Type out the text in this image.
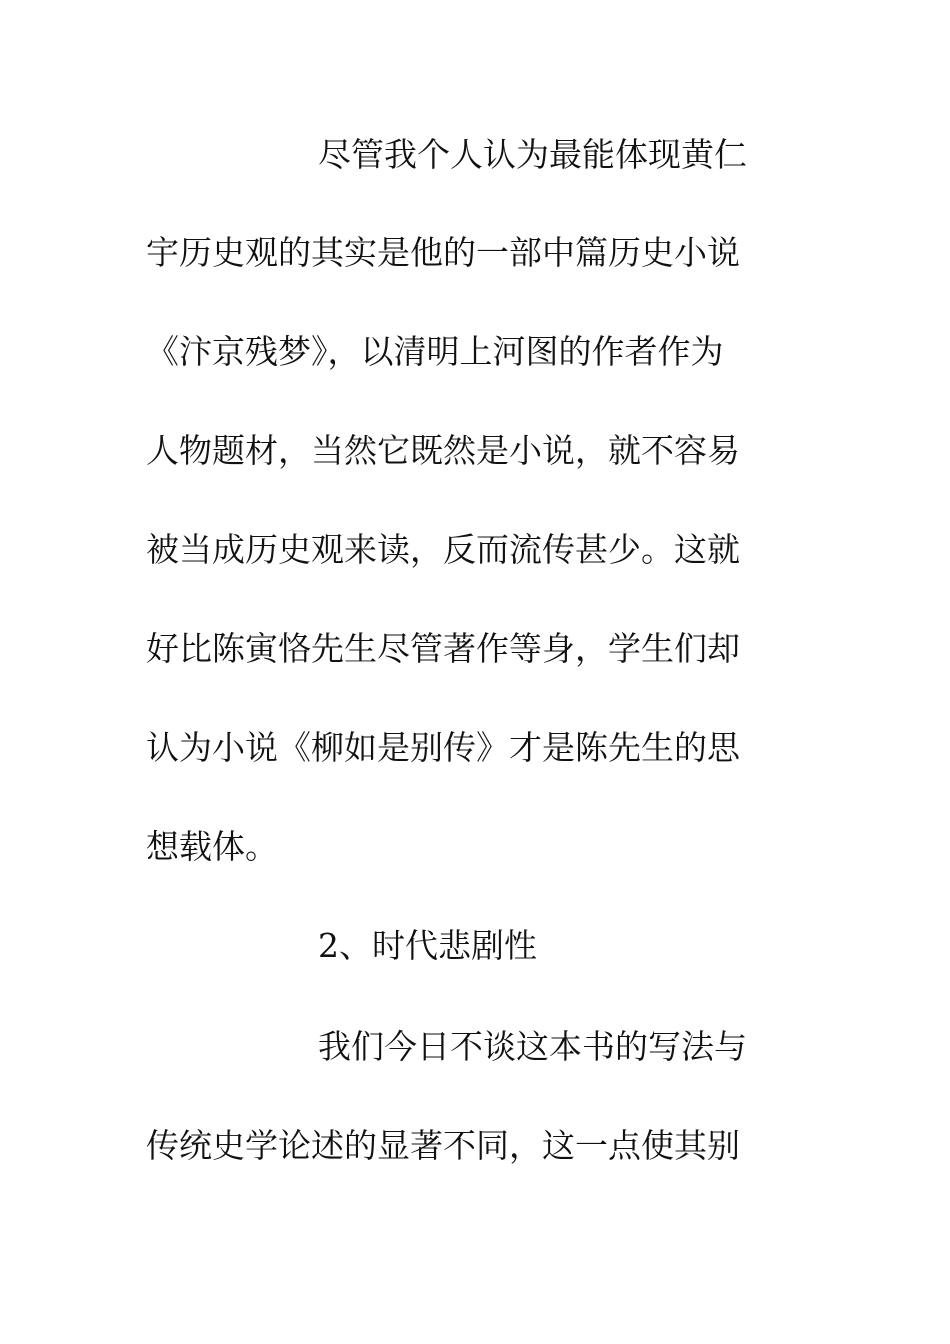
尽管我个人认为最能体现黄仁
宇历史观的其实是他的一部中篇历史小说
《汴京残梦》，以清明上河图的作者作为
人物题材，当然它既然是小说，就不容易
被当成历史观来读，反而流传甚少。这就
好比陈寅恪先生尽管著作等身，学生们却
认为小说《柳如是别传》才是陈先生的思
想载体。
2、时代悲剧性
我们今日不谈这本书的写法与
传统史学论述的显著不同，这一点使其别
